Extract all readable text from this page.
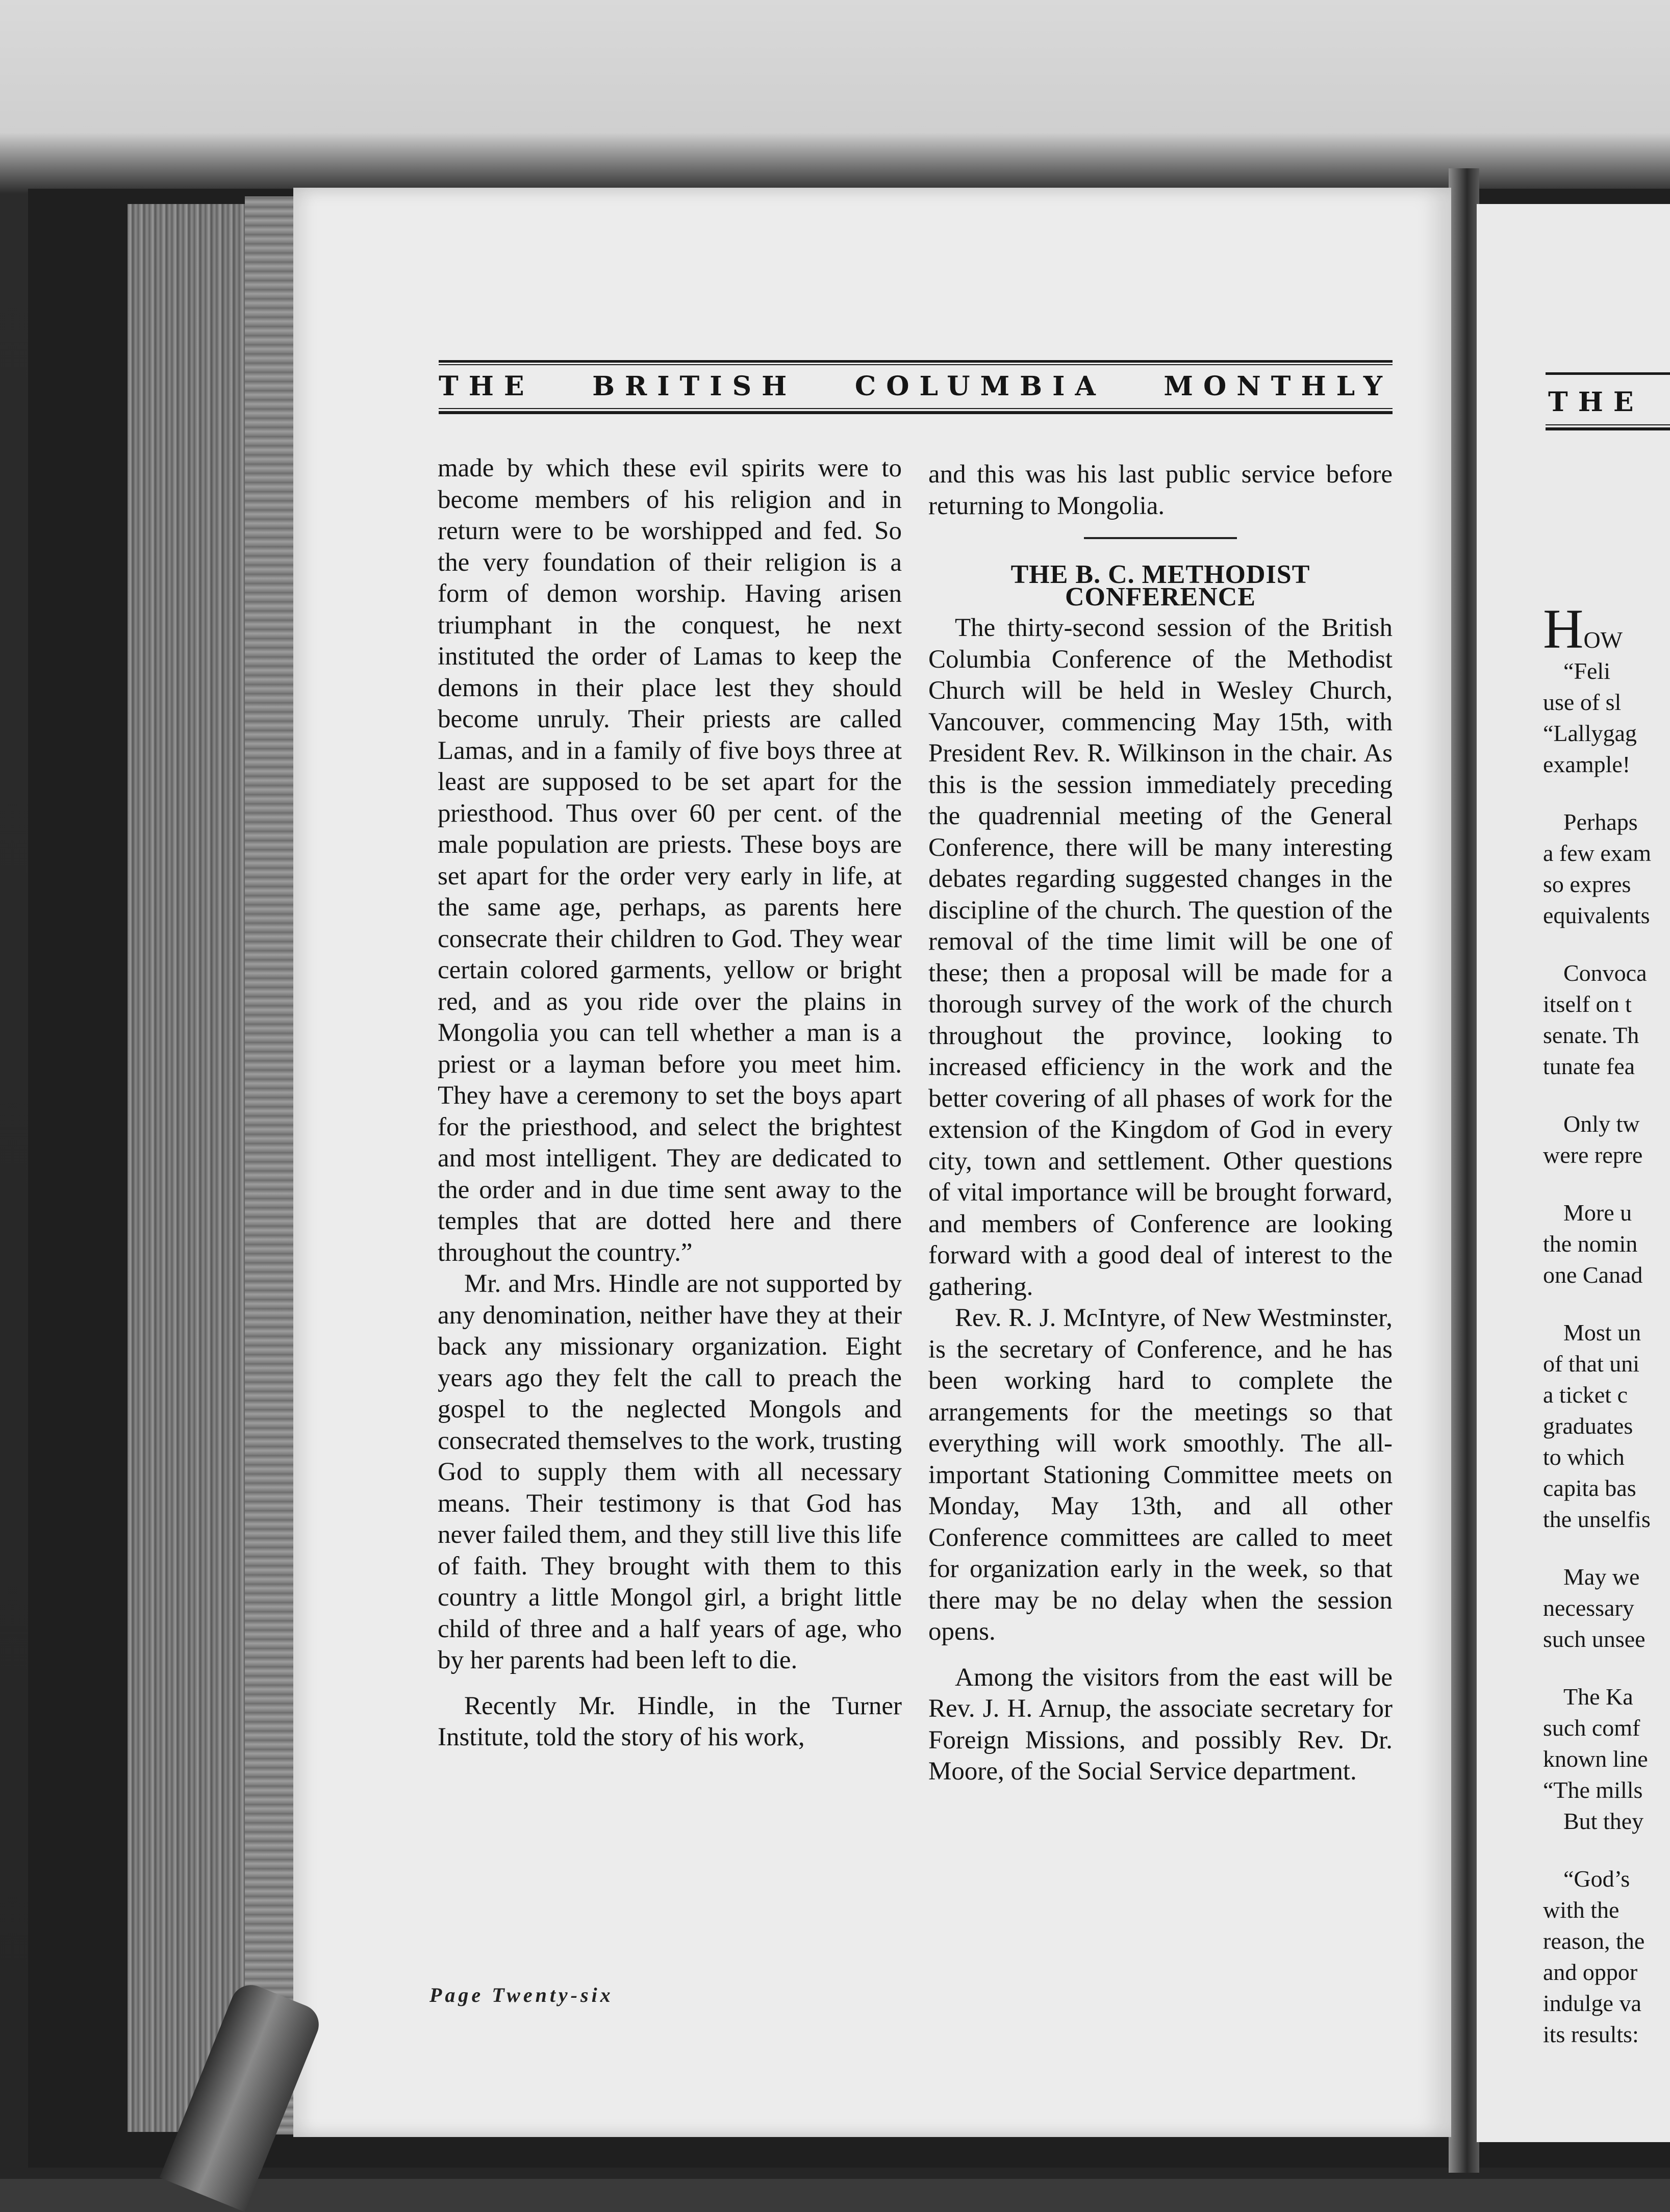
THE BRITISH COLUMBIA MONTHLY

made by which these evil spirits were to become members of his religion and in return were to be worshipped and fed. So the very foundation of their religion is a form of demon worship. Having arisen triumphant in the conquest, he next instituted the order of Lamas to keep the demons in their place lest they should become unruly. Their priests are called Lamas, and in a family of five boys three at least are supposed to be set apart for the priesthood. Thus over 60 per cent. of the male population are priests. These boys are set apart for the order very early in life, at the same age, perhaps, as parents here consecrate their children to God. They wear certain colored garments, yellow or bright red, and as you ride over the plains in Mongolia you can tell whether a man is a priest or a layman before you meet him. They have a ceremony to set the boys apart for the priesthood, and select the brightest and most intelligent. They are dedicated to the order and in due time sent away to the temples that are dotted here and there throughout the country.”

Mr. and Mrs. Hindle are not supported by any denomination, neither have they at their back any missionary organization. Eight years ago they felt the call to preach the gospel to the neglected Mongols and consecrated themselves to the work, trusting God to supply them with all necessary means. Their testimony is that God has never failed them, and they still live this life of faith. They brought with them to this country a little Mongol girl, a bright little child of three and a half years of age, who by her parents had been left to die.

Recently Mr. Hindle, in the Turner Institute, told the story of his work,

and this was his last public service before returning to Mongolia.

THE B. C. METHODIST

CONFERENCE

The thirty-second session of the British Columbia Conference of the Methodist Church will be held in Wesley Church, Vancouver, commencing May 15th, with President Rev. R. Wilkinson in the chair. As this is the session immediately preceding the quadrennial meeting of the General Conference, there will be many interesting debates regarding suggested changes in the discipline of the church. The question of the removal of the time limit will be one of these; then a proposal will be made for a thorough survey of the work of the church throughout the province, looking to increased efficiency in the work and the better covering of all phases of work for the extension of the Kingdom of God in every city, town and settlement. Other questions of vital importance will be brought forward, and members of Conference are looking forward with a good deal of interest to the gathering.

Rev. R. J. McIntyre, of New Westminster, is the secretary of Conference, and he has been working hard to complete the arrangements for the meetings so that everything will work smoothly. The all-important Stationing Committee meets on Monday, May 13th, and all other Conference committees are called to meet for organization early in the week, so that there may be no delay when the session opens.

Among the visitors from the east will be Rev. J. H. Arnup, the associate secretary for Foreign Missions, and possibly Rev. Dr. Moore, of the Social Service department.

Page Twenty-six
THE
HOW
“Feli
use of sl
“Lallygag
example!
Perhaps
a few exam
so expres
equivalents
Convoca
itself on t
senate. Th
tunate fea
Only tw
were repre
More u
the nomin
one Canad
Most un
of that uni
a ticket c
graduates
to which
capita bas
the unselfis
May we
necessary
such unsee
The Ka
such comf
known line
“The mills
But they
“God’s
with the
reason, the
and oppor
indulge va
its results:
